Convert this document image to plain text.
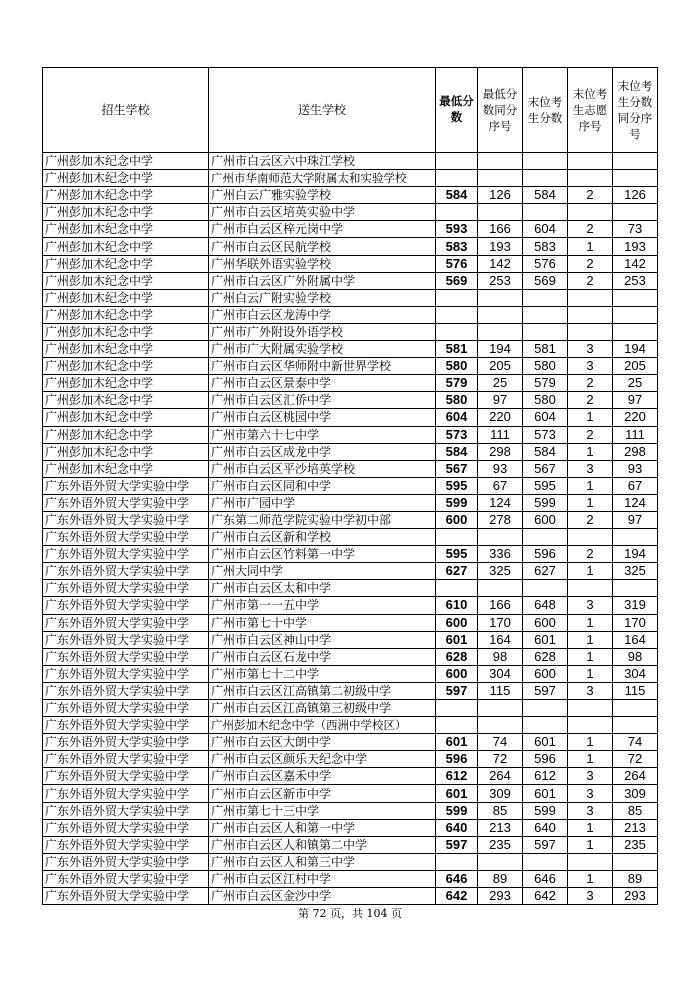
招生学校	送生学校	最低分数	最低分数同分序号	末位考生分数	末位考生志愿序号	末位考生分数同分序号
广州彭加木纪念中学	广州市白云区六中珠江学校					
广州彭加木纪念中学	广州市华南师范大学附属太和实验学校					
广州彭加木纪念中学	广州白云广雅实验学校	584	126	584	2	126
广州彭加木纪念中学	广州市白云区培英实验中学					
广州彭加木纪念中学	广州市白云区梓元岗中学	593	166	604	2	73
广州彭加木纪念中学	广州市白云区民航学校	583	193	583	1	193
广州彭加木纪念中学	广州华联外语实验学校	576	142	576	2	142
广州彭加木纪念中学	广州市白云区广外附属中学	569	253	569	2	253
广州彭加木纪念中学	广州白云广附实验学校					
广州彭加木纪念中学	广州市白云区龙涛中学					
广州彭加木纪念中学	广州市广外附设外语学校					
广州彭加木纪念中学	广州市广大附属实验学校	581	194	581	3	194
广州彭加木纪念中学	广州市白云区华师附中新世界学校	580	205	580	3	205
广州彭加木纪念中学	广州市白云区景泰中学	579	25	579	2	25
广州彭加木纪念中学	广州市白云区汇侨中学	580	97	580	2	97
广州彭加木纪念中学	广州市白云区桃园中学	604	220	604	1	220
广州彭加木纪念中学	广州市第六十七中学	573	111	573	2	111
广州彭加木纪念中学	广州市白云区成龙中学	584	298	584	1	298
广州彭加木纪念中学	广州市白云区平沙培英学校	567	93	567	3	93
广东外语外贸大学实验中学	广州市白云区同和中学	595	67	595	1	67
广东外语外贸大学实验中学	广州市广园中学	599	124	599	1	124
广东外语外贸大学实验中学	广东第二师范学院实验中学初中部	600	278	600	2	97
广东外语外贸大学实验中学	广州市白云区新和学校					
广东外语外贸大学实验中学	广州市白云区竹料第一中学	595	336	596	2	194
广东外语外贸大学实验中学	广州大同中学	627	325	627	1	325
广东外语外贸大学实验中学	广州市白云区太和中学					
广东外语外贸大学实验中学	广州市第一一五中学	610	166	648	3	319
广东外语外贸大学实验中学	广州市第七十中学	600	170	600	1	170
广东外语外贸大学实验中学	广州市白云区神山中学	601	164	601	1	164
广东外语外贸大学实验中学	广州市白云区石龙中学	628	98	628	1	98
广东外语外贸大学实验中学	广州市第七十二中学	600	304	600	1	304
广东外语外贸大学实验中学	广州市白云区江高镇第二初级中学	597	115	597	3	115
广东外语外贸大学实验中学	广州市白云区江高镇第三初级中学					
广东外语外贸大学实验中学	广州彭加木纪念中学（西洲中学校区）					
广东外语外贸大学实验中学	广州市白云区大朗中学	601	74	601	1	74
广东外语外贸大学实验中学	广州市白云区颜乐天纪念中学	596	72	596	1	72
广东外语外贸大学实验中学	广州市白云区嘉禾中学	612	264	612	3	264
广东外语外贸大学实验中学	广州市白云区新市中学	601	309	601	3	309
广东外语外贸大学实验中学	广州市第七十三中学	599	85	599	3	85
广东外语外贸大学实验中学	广州市白云区人和第一中学	640	213	640	1	213
广东外语外贸大学实验中学	广州市白云区人和镇第二中学	597	235	597	1	235
广东外语外贸大学实验中学	广州市白云区人和第三中学					
广东外语外贸大学实验中学	广州市白云区江村中学	646	89	646	1	89
广东外语外贸大学实验中学	广州市白云区金沙中学	642	293	642	3	293
第 72 页，共 104 页
